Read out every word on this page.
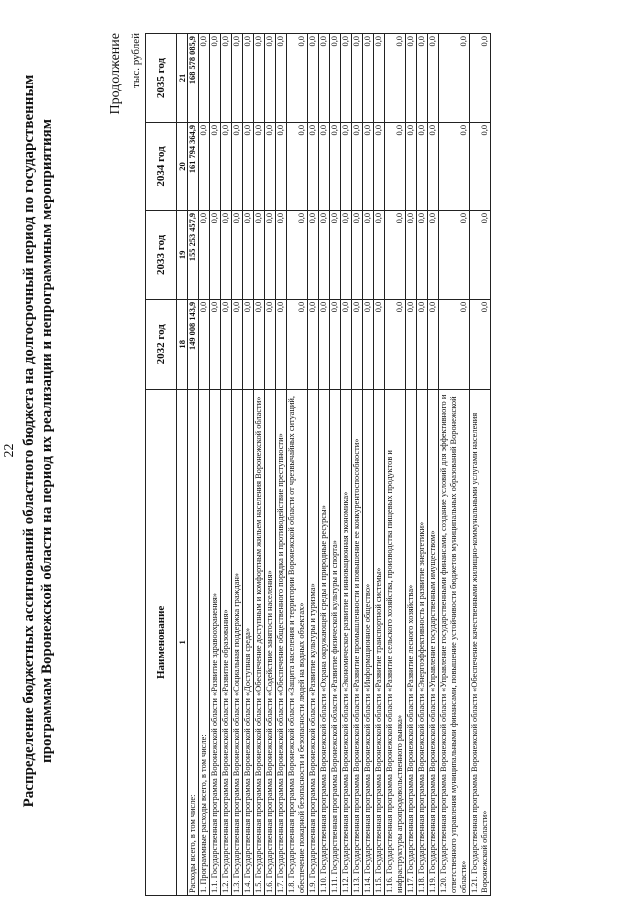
22 Распределение бюджетных ассигнований областного бюджета на долгосрочный период по государственным программам Воронежской области на период их реализации и непрограммным мероприятиям
Продолжение тыс. рублей
Наименование	2032 год	2033 год	2034 год	2035 год
1	18	19	20	21
Расходы всего, в том числе:	149 008 143,9	155 253 457,9	161 794 364,9	168 578 085,9
1. Программные расходы всего, в том числе:	0,0	0,0	0,0	0,0
1.1. Государственная программа Воронежской области «Развитие здравоохранения»	0,0	0,0	0,0	0,0
1.2. Государственная программа Воронежской области «Развитие образования»	0,0	0,0	0,0	0,0
1.3. Государственная программа Воронежской области «Социальная поддержка граждан»	0,0	0,0	0,0	0,0
1.4. Государственная программа Воронежской области «Доступная среда»	0,0	0,0	0,0	0,0
1.5. Государственная программа Воронежской области «Обеспечение доступным и комфортным жильем населения Воронежской области»	0,0	0,0	0,0	0,0
1.6. Государственная программа Воронежской области «Содействие занятости населения»	0,0	0,0	0,0	0,0
1.7. Государственная программа Воронежской области «Обеспечение общественного порядка и противодействие преступности»	0,0	0,0	0,0	0,0
1.8. Государственная программа Воронежской области «Защита населения и территории Воронежской области от чрезвычайных ситуаций, обеспечение пожарной безопасности и безопасности людей на водных объектах»	0,0	0,0	0,0	0,0
1.9. Государственная программа Воронежской области «Развитие культуры и туризма»	0,0	0,0	0,0	0,0
1.10. Государственная программа Воронежской области «Охрана окружающей среды и природные ресурсы»	0,0	0,0	0,0	0,0
1.11. Государственная программа Воронежской области «Развитие физической культуры и спорта»	0,0	0,0	0,0	0,0
1.12. Государственная программа Воронежской области «Экономическое развитие и инновационная экономика»	0,0	0,0	0,0	0,0
1.13. Государственная программа Воронежской области «Развитие промышленности и повышение ее конкурентоспособности»	0,0	0,0	0,0	0,0
1.14. Государственная программа Воронежской области «Информационное общество»	0,0	0,0	0,0	0,0
1.15. Государственная программа Воронежской области «Развитие транспортной системы»	0,0	0,0	0,0	0,0
1.16. Государственная программа Воронежской области «Развитие сельского хозяйства, производства пищевых продуктов и инфраструктуры агропродовольственного рынка»	0,0	0,0	0,0	0,0
1.17. Государственная программа Воронежской области «Развитие лесного хозяйства»	0,0	0,0	0,0	0,0
1.18. Государственная программа Воронежской области «Энергоэффективность и развитие энергетики»	0,0	0,0	0,0	0,0
1.19. Государственная программа Воронежской области «Управление государственным имуществом»	0,0	0,0	0,0	0,0
1.20. Государственная программа Воронежской области «Управление государственными финансами, создание условий для эффективного и ответственного управления муниципальными финансами, повышение устойчивости бюджетов муниципальных образований Воронежской области»	0,0	0,0	0,0	0,0
1.21. Государственная программа Воронежской области «Обеспечение качественными жилищно-коммунальными услугами населения Воронежской области»	0,0	0,0	0,0	0,0
